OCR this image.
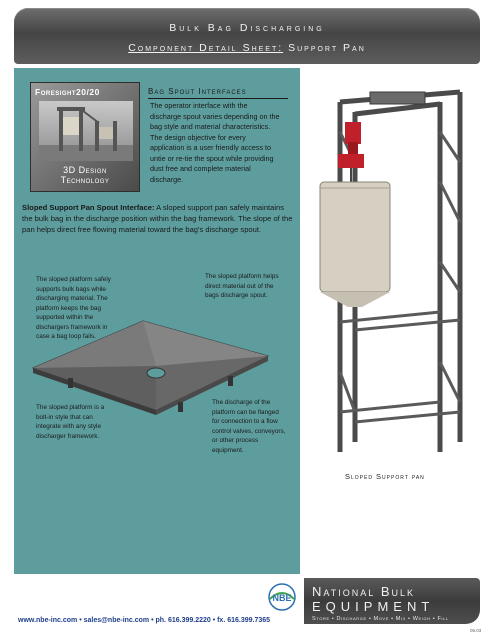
Bulk Bag Discharging
Component Detail Sheet: Support Pan
Foresight20/20
3D Design
Technology
Bag Spout Interfaces
The operator interface with the discharge spout varies depending on the bag style and material characteristics. The design objective for every application is a user friendly access to untie or re-tie the spout while providing dust free and complete material discharge.
Sloped Support Pan Spout Interface: A sloped support pan safely maintains the bulk bag in the discharge position within the bag framework. The slope of the pan helps direct free flowing material toward the bag's discharge spout.
The sloped platform safely supports bulk bags while discharging material. The platform keeps the bag supported within the dischargers framework in case a bag loop fails.
The sloped platform helps direct material out of the bags discharge spout.
The sloped platform is a bolt-in style that can integrate with any style discharger framework.
The discharge of the platform can be flanged for connection to a flow control valves, conveyors, or other process equipment.
Sloped Support pan
www.nbe-inc.com • sales@nbe-inc.com • ph. 616.399.2220 • fx. 616.399.7365
NBE National Bulk
EQUIPMENT
Store • Discharge • Move • Mix • Weigh • Fill
05.03
